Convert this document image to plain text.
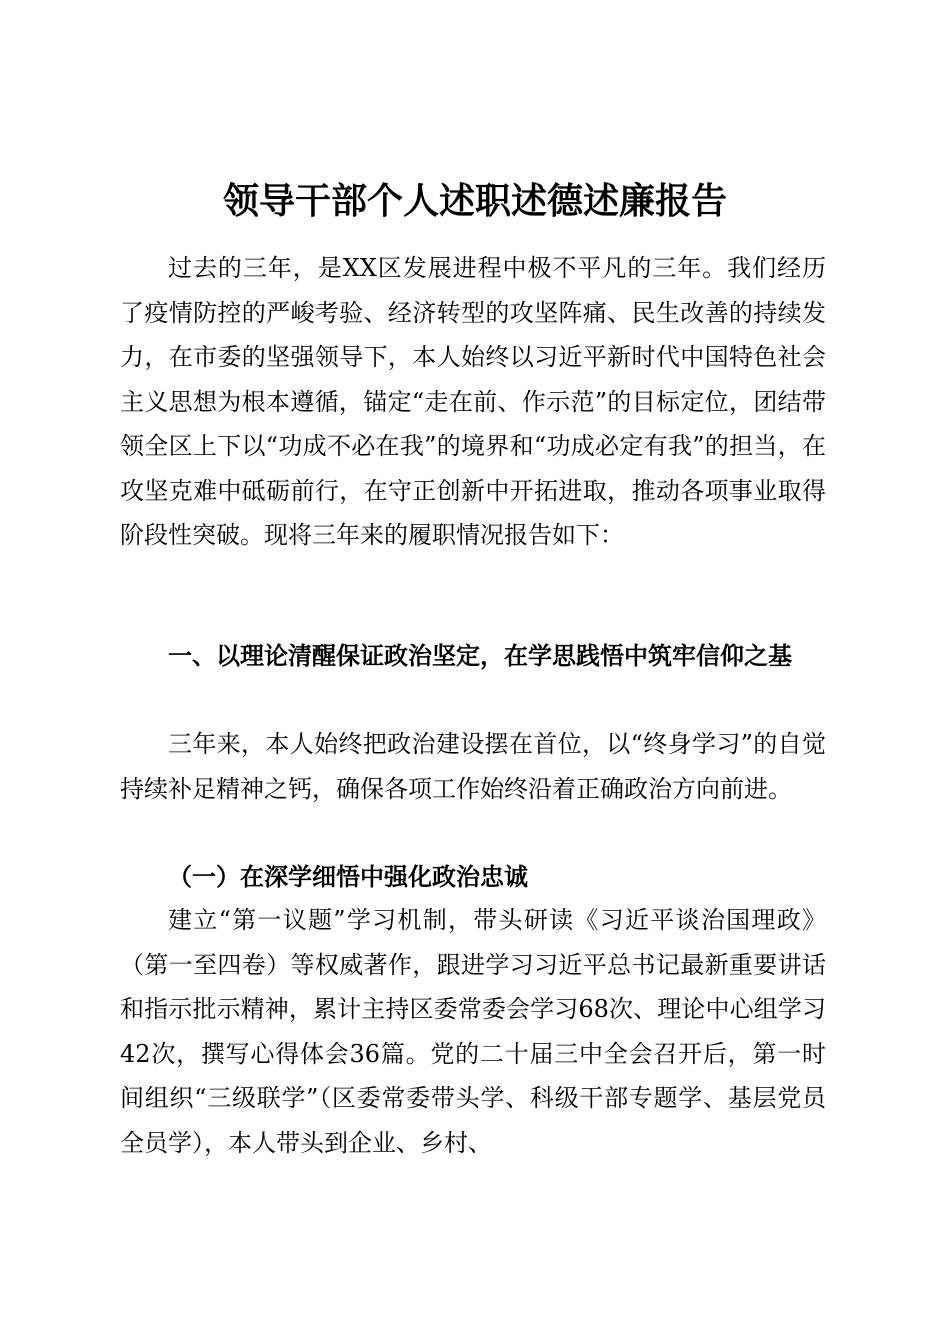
领导干部个人述职述德述廉报告

过去的三年，是XX区发展进程中极不平凡的三年。我们经历了疫情防控的严峻考验、经济转型的攻坚阵痛、民生改善的持续发力，在市委的坚强领导下，本人始终以习近平新时代中国特色社会主义思想为根本遵循，锚定“走在前、作示范”的目标定位，团结带领全区上下以“功成不必在我”的境界和“功成必定有我”的担当，在攻坚克难中砥砺前行，在守正创新中开拓进取，推动各项事业取得阶段性突破。现将三年来的履职情况报告如下：

一、以理论清醒保证政治坚定，在学思践悟中筑牢信仰之基

三年来，本人始终把政治建设摆在首位，以“终身学习”的自觉持续补足精神之钙，确保各项工作始终沿着正确政治方向前进。

（一）在深学细悟中强化政治忠诚

建立“第一议题”学习机制，带头研读《习近平谈治国理政》（第一至四卷）等权威著作，跟进学习习近平总书记最新重要讲话和指示批示精神，累计主持区委常委会学习68次、理论中心组学习42次，撰写心得体会36篇。党的二十届三中全会召开后，第一时间组织“三级联学”（区委常委带头学、科级干部专题学、基层党员全员学），本人带头到企业、乡村、
